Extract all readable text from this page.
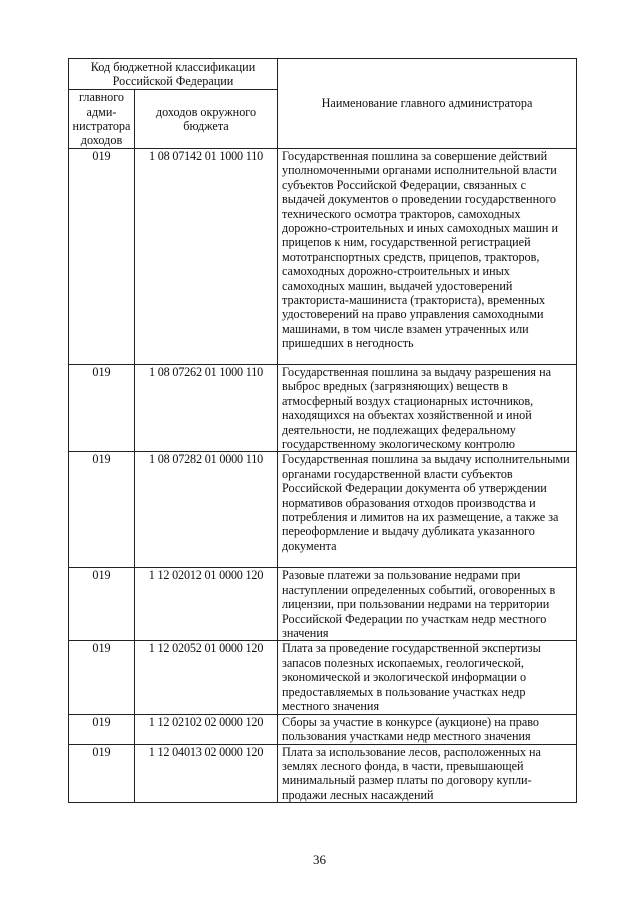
Код бюджетной классификации Российской Федерации		Наименование главного администратора
главного адми-нистратора доходов	доходов окружного бюджета	
019	1 08 07142 01 1000 110	Государственная пошлина за совершение действий уполномоченными органами исполнительной власти субъектов Российской Федерации, связанных с выдачей документов о проведении государственного технического осмотра тракторов, самоходных дорожно-строительных и иных самоходных машин и прицепов к ним, государственной регистрацией мототранспортных средств, прицепов, тракторов, самоходных дорожно-строительных и иных самоходных машин, выдачей удостоверений тракториста-машиниста (тракториста), временных удостоверений на право управления самоходными машинами, в том числе взамен утраченных или пришедших в негодность
019	1 08 07262 01 1000 110	Государственная пошлина за выдачу разрешения на выброс вредных (загрязняющих) веществ в атмосферный воздух стационарных источников, находящихся на объектах хозяйственной и иной деятельности, не подлежащих федеральному государственному экологическому контролю
019	1 08 07282 01 0000 110	Государственная пошлина за выдачу исполнительными органами государственной власти субъектов Российской Федерации документа об утверждении нормативов образования отходов производства и потребления и лимитов на их размещение, а также за переоформление и выдачу дубликата указанного документа
019	1 12 02012 01 0000 120	Разовые платежи за пользование недрами при наступлении определенных событий, оговоренных в лицензии, при пользовании недрами на территории Российской Федерации по участкам недр местного значения
019	1 12 02052 01 0000 120	Плата за проведение государственной экспертизы запасов полезных ископаемых, геологической, экономической и экологической информации о предоставляемых в пользование участках недр местного значения
019	1 12 02102 02 0000 120	Сборы за участие в конкурсе (аукционе) на право пользования участками недр местного значения
019	1 12 04013 02 0000 120	Плата за использование лесов, расположенных на землях лесного фонда, в части, превышающей минимальный размер платы по договору купли-продажи лесных насаждений
36
